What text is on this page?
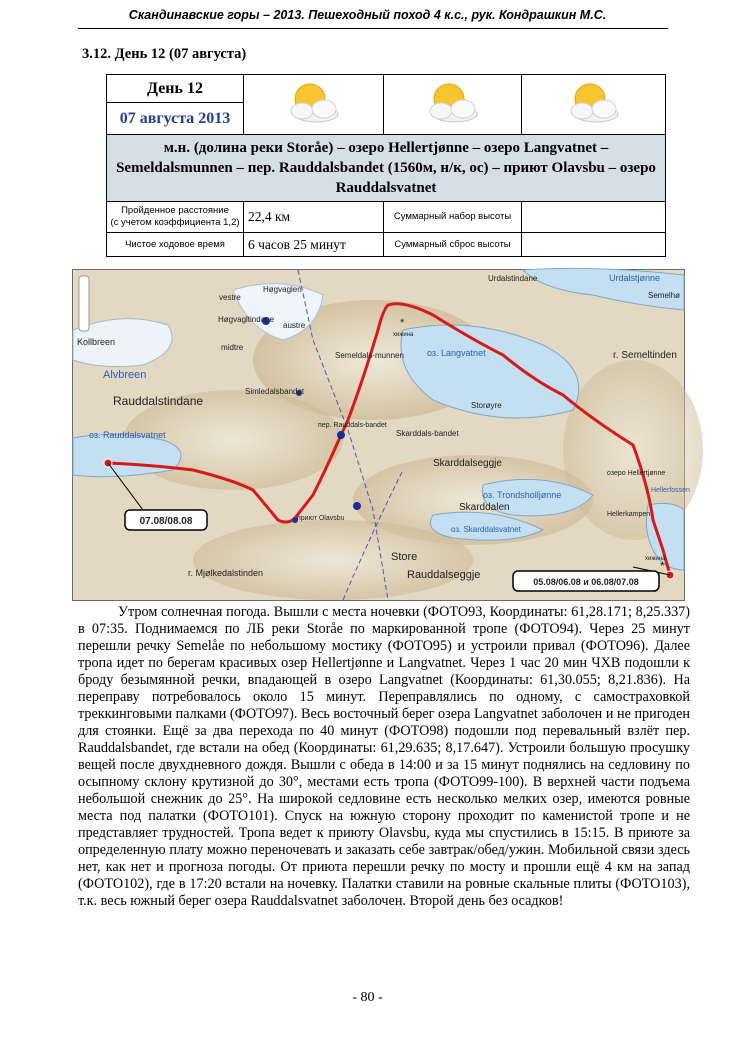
Скандинавские горы – 2013. Пешеходный поход 4 к.с., рук. Кондрашкин М.С.
3.12. День 12 (07 августа)
День 12			
07 августа 2013			
м.н. (долина реки Storåe) – озеро Hellertjønne – озеро Langvatnet – Semeldalsmunnen – пер. Rauddalsbandet (1560м, н/к, ос) – приют Olavsbu – озеро Rauddalsvatnet			

Пройденное расстояние
(с учетом коэффициента 1,2)	22,4 км	Суммарный набор высоты	
Чистое ходовое время	6 часов 25 минут	Суммарный сброс высоты	
*
*
Urdalstindane	Urdalstjønne
Semelhø
r. Semeltinden
Høgvaglen
Høgvagltindane
vestre
midtre
austre
Kollbreen
Alvbreen
Rauddalstindane
Simledalsbandet
Semeldals-munnen	оз. Langvatnet
хижина
Storøyre
пер. Rauddals-bandet
Skarddals-bandet
Skarddalseggje
Skarddalen
оз. Trondsholljønne
оз. Skarddalsvatnet
озеро Hellertjønne
Hellerkampen
Hellerfossen
оз. Rauddalsvatnet
приют Olavsbu
Store
Rauddalseggje
r. Mjølkedalstinden
хижина
07.08/08.08
05.08/06.08 и 06.08/07.08

Утром солнечная погода. Вышли с места ночевки (ФОТО93, Координаты: 61,28.171; 8,25.337) в 07:35. Поднимаемся по ЛБ реки Storåe по маркированной тропе (ФОТО94). Через 25 минут перешли речку Semelåe по небольшому мостику (ФОТО95) и устроили привал (ФОТО96). Далее тропа идет по берегам красивых озер Hellertjønne и Langvatnet. Через 1 час 20 мин ЧХВ подошли к броду безымянной речки, впадающей в озеро Langvatnet (Координаты: 61,30.055; 8,21.836). На переправу потребовалось около 15 минут. Переправлялись по одному, с самостраховкой треккинговыми палками (ФОТО97). Весь восточный берег озера Langvatnet заболочен и не пригоден для стоянки. Ещё за два перехода по 40 минут (ФОТО98) подошли под перевальный взлёт пер. Rauddalsbandet, где встали на обед (Координаты: 61,29.635; 8,17.647). Устроили большую просушку вещей после двухдневного дождя. Вышли с обеда в 14:00 и за 15 минут поднялись на седловину по осыпному склону крутизной до 30°, местами есть тропа (ФОТО99-100). В верхней части подъема небольшой снежник до 25°. На широкой седловине есть несколько мелких озер, имеются ровные места под палатки (ФОТО101). Спуск на южную сторону проходит по каменистой тропе и не представляет трудностей. Тропа ведет к приюту Olavsbu, куда мы спустились в 15:15. В приюте за определенную плату можно переночевать и заказать себе завтрак/обед/ужин. Мобильной связи здесь нет, как нет и прогноза погоды. От приюта перешли речку по мосту и прошли ещё 4 км на запад (ФОТО102), где в 17:20 встали на ночевку. Палатки ставили на ровные скальные плиты (ФОТО103), т.к. весь южный берег озера Rauddalsvatnet заболочен. Второй день без осадков!

- 80 -
